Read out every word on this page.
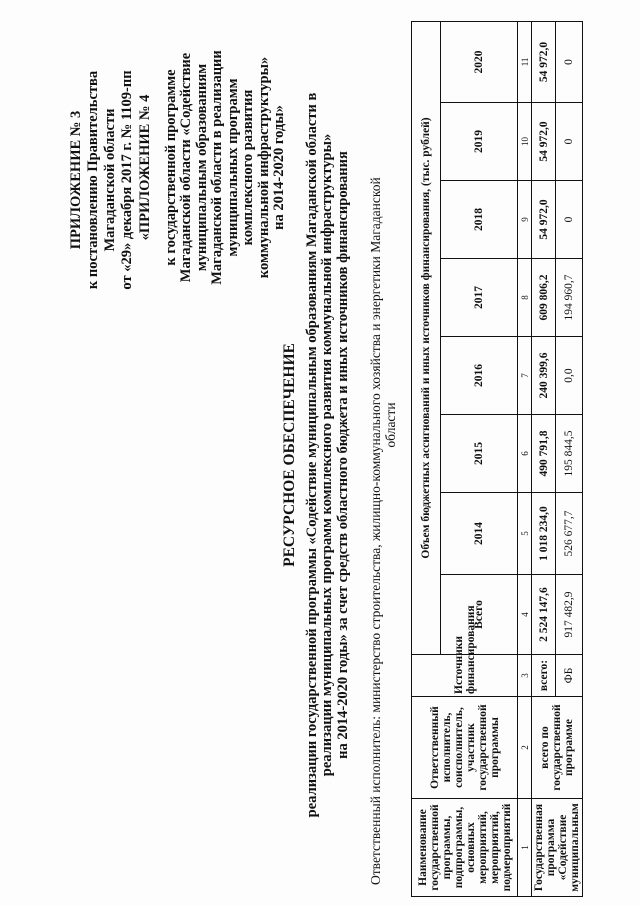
ПРИЛОЖЕНИЕ № 3 к постановлению Правительства Магаданской области от «29» декабря 2017 г. № 1109-пп «ПРИЛОЖЕНИЕ № 4 к государственной программе Магаданской области «Содействие муниципальным образованиям Магаданской области в реализации муниципальных программ комплексного развития коммунальной инфраструктуры» на 2014-2020 годы»
РЕСУРСНОЕ ОБЕСПЕЧЕНИЕ реализации государственной программы «Содействие муниципальным образованиям Магаданской области в реализации муниципальных программ комплексного развития коммунальной инфраструктуры» на 2014-2020 годы» за счет средств областного бюджета и иных источников финансирования Ответственный исполнитель: министерство строительства, жилищно-коммунального хозяйства и энергетики Магаданской области
Наименование государственной программы, подпрограммы, основных мероприятий, мероприятий, подмероприятий	Ответственный исполнитель, соисполнитель, участник государственной программы	Источники финансирования	Объем бюджетных ассигнований и иных источников финансирования, (тыс. рублей)							
			Всего	2014	2015	2016	2017	2018	2019	2020
1	2	3	4	5	6	7	8	9	10	11
Государственная программа «Содействие муниципальным	всего по государственной программе	всего:	2 524 147,6	1 018 234,0	490 791,8	240 399,6	609 806,2	54 972,0	54 972,0	54 972,0
		ФБ	917 482,9	526 677,7	195 844,5	0,0	194 960,7	0	0	0
